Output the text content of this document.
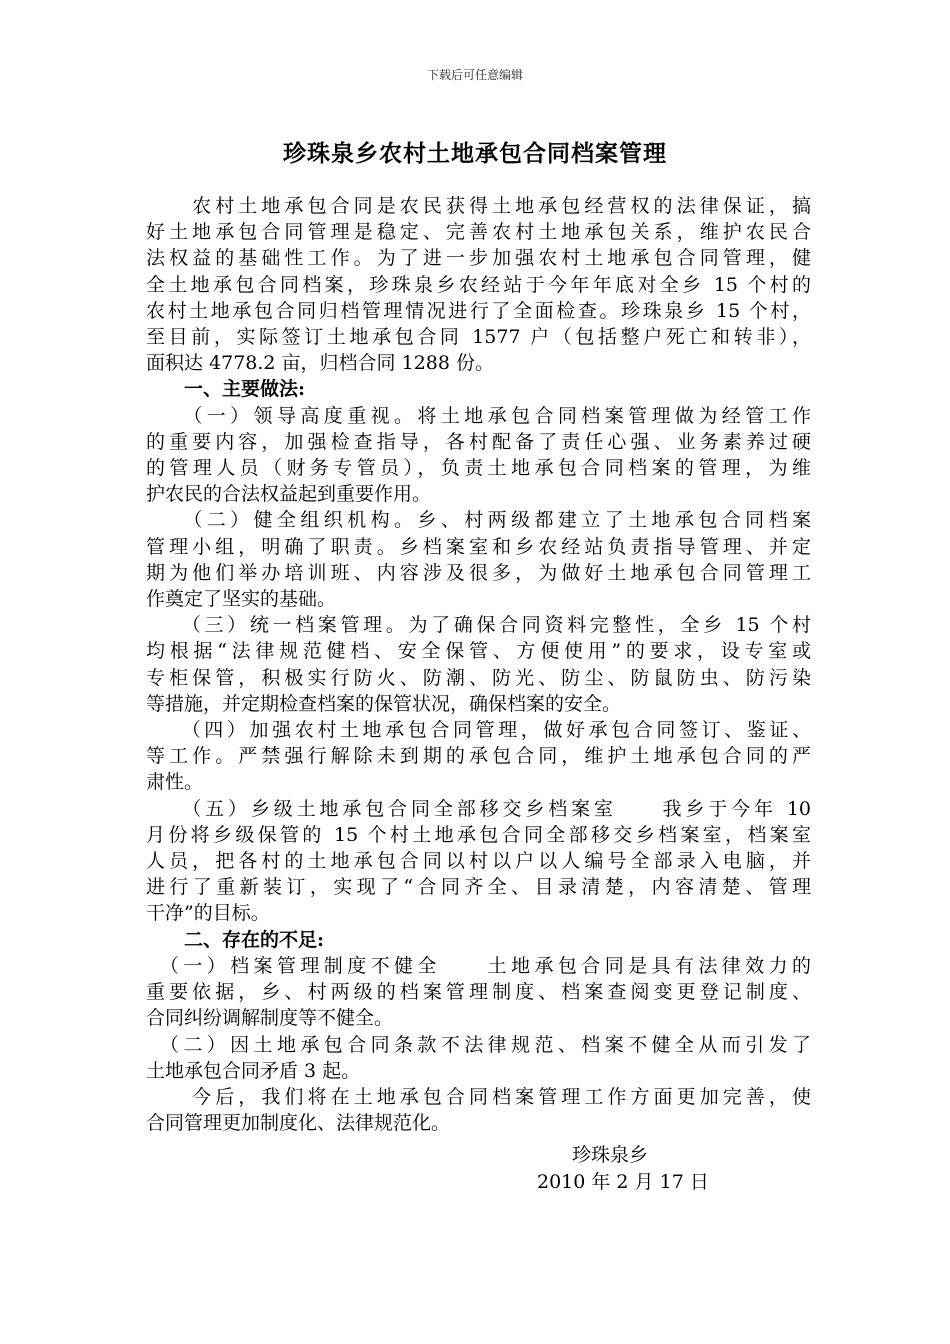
下载后可任意编辑
珍珠泉乡农村土地承包合同档案管理

　　农村土地承包合同是农民获得土地承包经营权的法律保证，搞

好土地承包合同管理是稳定、完善农村土地承包关系，维护农民合

法权益的基础性工作。为了进一步加强农村土地承包合同管理，健

全土地承包合同档案，珍珠泉乡农经站于今年年底对全乡 15 个村的

农村土地承包合同归档管理情况进行了全面检查。珍珠泉乡 15 个村，

至目前，实际签订土地承包合同 1577 户（包括整户死亡和转非），

面积达 4778.2 亩，归档合同 1288 份。

　　一、主要做法:

　　（一）领导高度重视。将土地承包合同档案管理做为经管工作

的重要内容，加强检查指导，各村配备了责任心强、业务素养过硬

的管理人员（财务专管员），负责土地承包合同档案的管理，为维

护农民的合法权益起到重要作用。

　　（二）健全组织机构。乡、村两级都建立了土地承包合同档案

管理小组，明确了职责。乡档案室和乡农经站负责指导管理、并定

期为他们举办培训班、内容涉及很多，为做好土地承包合同管理工

作奠定了坚实的基础。

　　（三）统一档案管理。为了确保合同资料完整性，全乡 15 个村

均根据“法律规范健档、安全保管、方便使用”的要求，设专室或

专柜保管，积极实行防火、防潮、防光、防尘、防鼠防虫、防污染

等措施，并定期检查档案的保管状况，确保档案的安全。

　　（四）加强农村土地承包合同管理，做好承包合同签订、鉴证、

等工作。严禁强行解除未到期的承包合同，维护土地承包合同的严

肃性。

　　（五）乡级土地承包合同全部移交乡档案室　　我乡于今年 10

月份将乡级保管的 15 个村土地承包合同全部移交乡档案室，档案室

人员，把各村的土地承包合同以村以户以人编号全部录入电脑，并

进行了重新装订，实现了“合同齐全、目录清楚，内容清楚、管理

干净”的目标。

　　二、存在的不足:

　（一）档案管理制度不健全　　土地承包合同是具有法律效力的

重要依据，乡、村两级的档案管理制度、档案查阅变更登记制度、

合同纠纷调解制度等不健全。

　（二）因土地承包合同条款不法律规范、档案不健全从而引发了

土地承包合同矛盾 3 起。

　　今后，我们将在土地承包合同档案管理工作方面更加完善，使

合同管理更加制度化、法律规范化。

珍珠泉乡
2010 年 2 月 17 日
